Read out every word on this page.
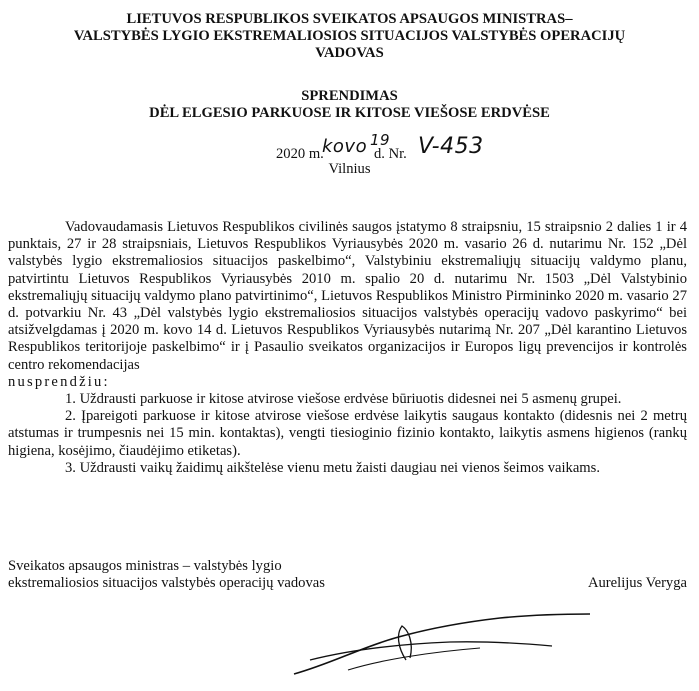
LIETUVOS RESPUBLIKOS SVEIKATOS APSAUGOS MINISTRAS–
VALSTYBĖS LYGIO EKSTREMALIOSIOS SITUACIJOS VALSTYBĖS OPERACIJŲ
VADOVAS
SPRENDIMAS
DĖL ELGESIO PARKUOSE IR KITOSE VIEŠOSE ERDVĖSE
2020 m.
kovo 19
d. Nr. V-453
Vilnius

Vadovaudamasis Lietuvos Respublikos civilinės saugos įstatymo 8 straipsniu, 15 straipsnio 2 dalies 1 ir 4 punktais, 27 ir 28 straipsniais, Lietuvos Respublikos Vyriausybės 2020 m. vasario 26 d. nutarimu Nr. 152 „Dėl valstybės lygio ekstremaliosios situacijos paskelbimo“, Valstybiniu ekstremaliųjų situacijų valdymo planu, patvirtintu Lietuvos Respublikos Vyriausybės 2010 m. spalio 20 d. nutarimu Nr. 1503 „Dėl Valstybinio ekstremaliųjų situacijų valdymo plano patvirtinimo“, Lietuvos Respublikos Ministro Pirmininko 2020 m. vasario 27 d. potvarkiu Nr. 43 „Dėl valstybės lygio ekstremaliosios situacijos valstybės operacijų vadovo paskyrimo“ bei atsižvelgdamas į 2020 m. kovo 14 d. Lietuvos Respublikos Vyriausybės nutarimą Nr. 207 „Dėl karantino Lietuvos Respublikos teritorijoje paskelbimo“ ir į Pasaulio sveikatos organizacijos ir Europos ligų prevencijos ir kontrolės centro rekomendacijas

nusprendžiu:

1. Uždrausti parkuose ir kitose atvirose viešose erdvėse būriuotis didesnei nei 5 asmenų grupei.

2. Įpareigoti parkuose ir kitose atvirose viešose erdvėse laikytis saugaus kontakto (didesnis nei 2 metrų atstumas ir trumpesnis nei 15 min. kontaktas), vengti tiesioginio fizinio kontakto, laikytis asmens higienos (rankų higiena, kosėjimo, čiaudėjimo etiketas).

3. Uždrausti vaikų žaidimų aikštelėse vienu metu žaisti daugiau nei vienos šeimos vaikams.

Sveikatos apsaugos ministras – valstybės lygio
ekstremaliosios situacijos valstybės operacijų vadovas	Aurelijus Veryga
